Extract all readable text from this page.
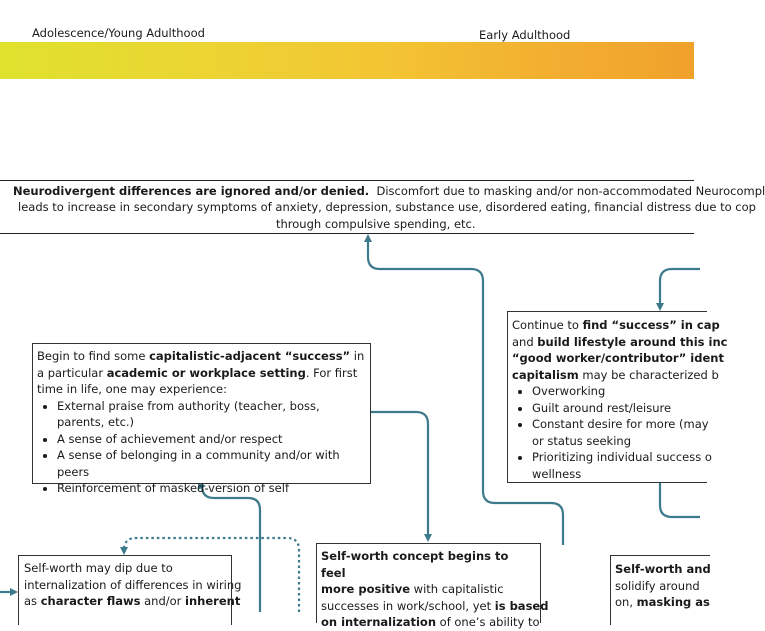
Adolescence/Young Adulthood	Early Adulthood
Neurodivergent differences are ignored and/or denied.  Discomfort due to masking and/or non-accommodated Neurocompl
leads to increase in secondary symptoms of anxiety, depression, substance use, disordered eating, financial distress due to cop
through compulsive spending, etc.

Begin to find some capitalistic-adjacent “success” in a particular academic or workplace setting. For first time in life, one may experience:

• External praise from authority (teacher, boss, parents, etc.)
• A sense of achievement and/or respect
• A sense of belonging in a community and/or with peers
• Reinforcement of masked-version of self

Continue to find “success” in cap

and build lifestyle around this inc

“good worker/contributor” ident

capitalism may be characterized b

• Overworking
• Guilt around rest/leisure
• Constant desire for more (may
or status seeking
• Prioritizing individual success o
wellness

Self-worth may dip due to

internalization of differences in wiring

as character flaws and/or inherent

Self-worth concept begins to feel

more positive with capitalistic

successes in work/school, yet is based

on internalization of one’s ability to

Self-worth and

solidify around

on, masking as
